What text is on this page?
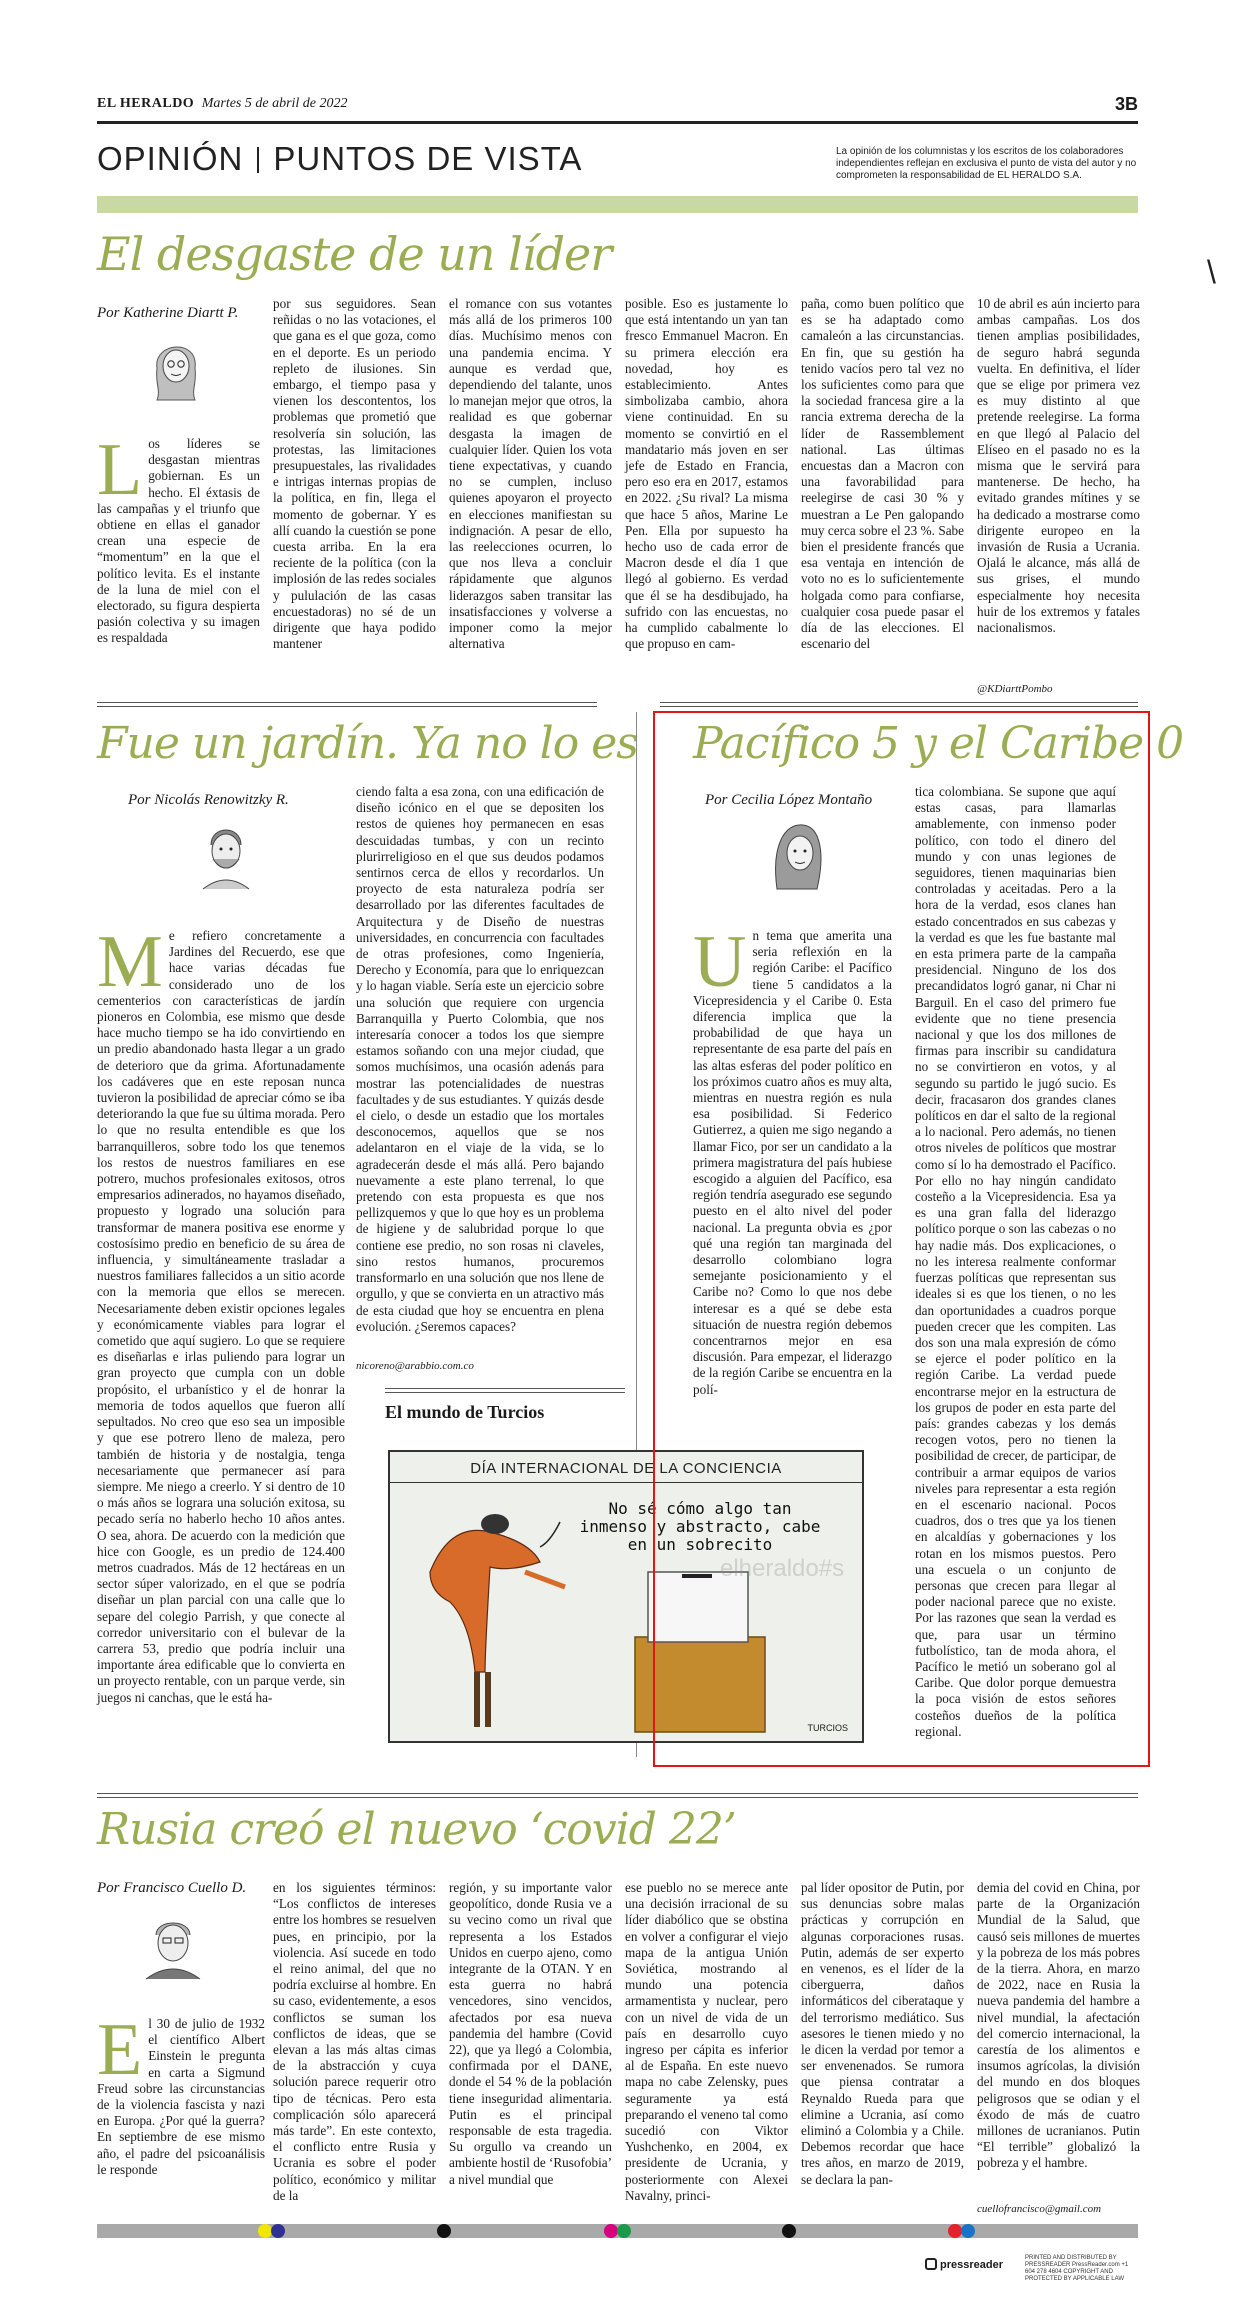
EL HERALDO Martes 5 de abril de 2022	3B
OPINIÓN PUNTOS DE VISTA	La opinión de los columnistas y los escritos de los colaboradores independientes reflejan en exclusiva el punto de vista del autor y no comprometen la responsabilidad de EL HERALDO S.A.
\
El desgaste de un líder
Por Katherine Diartt P.
Los líderes se desgastan mientras gobiernan. Es un hecho. El éxtasis de las campañas y el triunfo que obtiene en ellas el ganador crean una especie de “momentum” en la que el político levita. Es el instante de la luna de miel con el electorado, su figura despierta pasión colectiva y su imagen es respaldada
por sus seguidores. Sean reñidas o no las votaciones, el que gana es el que goza, como en el deporte. Es un periodo repleto de ilusiones. Sin embargo, el tiempo pasa y vienen los descontentos, los problemas que prometió que resolvería sin solución, las protestas, las limitaciones presupuestales, las rivalidades e intrigas internas propias de la política, en fin, llega el momento de gobernar. Y es allí cuando la cuestión se pone cuesta arriba. En la era reciente de la política (con la implosión de las redes sociales y pululación de las casas encuestadoras) no sé de un dirigente que haya podido mantener
el romance con sus votantes más allá de los primeros 100 días. Muchísimo menos con una pandemia encima. Y aunque es verdad que, dependiendo del talante, unos lo manejan mejor que otros, la realidad es que gobernar desgasta la imagen de cualquier líder. Quien los vota tiene expectativas, y cuando no se cumplen, incluso quienes apoyaron el proyecto en elecciones manifiestan su indignación. A pesar de ello, las reelecciones ocurren, lo que nos lleva a concluir rápidamente que algunos liderazgos saben transitar las insatisfacciones y volverse a imponer como la mejor alternativa
posible. Eso es justamente lo que está intentando un yan tan fresco Emmanuel Macron. En su primera elección era novedad, hoy es establecimiento. Antes simbolizaba cambio, ahora viene continuidad. En su momento se convirtió en el mandatario más joven en ser jefe de Estado en Francia, pero eso era en 2017, estamos en 2022. ¿Su rival? La misma que hace 5 años, Marine Le Pen. Ella por supuesto ha hecho uso de cada error de Macron desde el día 1 que llegó al gobierno. Es verdad que él se ha desdibujado, ha sufrido con las encuestas, no ha cumplido cabalmente lo que propuso en cam-
paña, como buen político que es se ha adaptado como camaleón a las circunstancias. En fin, que su gestión ha tenido vacíos pero tal vez no los suficientes como para que la sociedad francesa gire a la rancia extrema derecha de la líder de Rassemblement national. Las últimas encuestas dan a Macron con una favorabilidad para reelegirse de casi 30 % y muestran a Le Pen galopando muy cerca sobre el 23 %. Sabe bien el presidente francés que esa ventaja en intención de voto no es lo suficientemente holgada como para confiarse, cualquier cosa puede pasar el día de las elecciones. El escenario del
10 de abril es aún incierto para ambas campañas. Los dos tienen amplias posibilidades, de seguro habrá segunda vuelta. En definitiva, el líder que se elige por primera vez es muy distinto al que pretende reelegirse. La forma en que llegó al Palacio del Elíseo en el pasado no es la misma que le servirá para mantenerse. De hecho, ha evitado grandes mítines y se ha dedicado a mostrarse como dirigente europeo en la invasión de Rusia a Ucrania. Ojalá le alcance, más allá de sus grises, el mundo especialmente hoy necesita huir de los extremos y fatales nacionalismos.
@KDiarttPombo
Fue un jardín. Ya no lo es
Por Nicolás Renowitzky R.
Me refiero concretamente a Jardines del Recuerdo, ese que hace varias décadas fue considerado uno de los cementerios con características de jardín pioneros en Colombia, ese mismo que desde hace mucho tiempo se ha ido convirtiendo en un predio abandonado hasta llegar a un grado de deterioro que da grima. Afortunadamente los cadáveres que en este reposan nunca tuvieron la posibilidad de apreciar cómo se iba deteriorando la que fue su última morada. Pero lo que no resulta entendible es que los barranquilleros, sobre todo los que tenemos los restos de nuestros familiares en ese potrero, muchos profesionales exitosos, otros empresarios adinerados, no hayamos diseñado, propuesto y logrado una solución para transformar de manera positiva ese enorme y costosísimo predio en beneficio de su área de influencia, y simultáneamente trasladar a nuestros familiares fallecidos a un sitio acorde con la memoria que ellos se merecen. Necesariamente deben existir opciones legales y económicamente viables para lograr el cometido que aquí sugiero. Lo que se requiere es diseñarlas e irlas puliendo para lograr un gran proyecto que cumpla con un doble propósito, el urbanístico y el de honrar la memoria de todos aquellos que fueron allí sepultados. No creo que eso sea un imposible y que ese potrero lleno de maleza, pero también de historia y de nostalgia, tenga necesariamente que permanecer así para siempre. Me niego a creerlo. Y si dentro de 10 o más años se lograra una solución exitosa, su pecado sería no haberlo hecho 10 años antes. O sea, ahora. De acuerdo con la medición que hice con Google, es un predio de 124.400 metros cuadrados. Más de 12 hectáreas en un sector súper valorizado, en el que se podría diseñar un plan parcial con una calle que lo separe del colegio Parrish, y que conecte al corredor universitario con el bulevar de la carrera 53, predio que podría incluir una importante área edificable que lo convierta en un proyecto rentable, con un parque verde, sin juegos ni canchas, que le está ha-
ciendo falta a esa zona, con una edificación de diseño icónico en el que se depositen los restos de quienes hoy permanecen en esas descuidadas tumbas, y con un recinto plurirreligioso en el que sus deudos podamos sentirnos cerca de ellos y recordarlos. Un proyecto de esta naturaleza podría ser desarrollado por las diferentes facultades de Arquitectura y de Diseño de nuestras universidades, en concurrencia con facultades de otras profesiones, como Ingeniería, Derecho y Economía, para que lo enriquezcan y lo hagan viable. Sería este un ejercicio sobre una solución que requiere con urgencia Barranquilla y Puerto Colombia, que nos interesaría conocer a todos los que siempre estamos soñando con una mejor ciudad, que somos muchísimos, una ocasión adenás para mostrar las potencialidades de nuestras facultades y de sus estudiantes. Y quizás desde el cielo, o desde un estadio que los mortales desconocemos, aquellos que se nos adelantaron en el viaje de la vida, se lo agradecerán desde el más allá. Pero bajando nuevamente a este plano terrenal, lo que pretendo con esta propuesta es que nos pellizquemos y que lo que hoy es un problema de higiene y de salubridad porque lo que contiene ese predio, no son rosas ni claveles, sino restos humanos, procuremos transformarlo en una solución que nos llene de orgullo, y que se convierta en un atractivo más de esta ciudad que hoy se encuentra en plena evolución. ¿Seremos capaces?
nicoreno@arabbio.com.co
El mundo de Turcios
DÍA INTERNACIONAL DE LA CONCIENCIA
No sé cómo algo tan inmenso y abstracto, cabe en un sobrecito
TURCIOS
elheraldo#s
Pacífico 5 y el Caribe 0
Por Cecilia López Montaño
Un tema que amerita una seria reflexión en la región Caribe: el Pacífico tiene 5 candidatos a la Vicepresidencia y el Caribe 0. Esta diferencia implica que la probabilidad de que haya un representante de esa parte del país en las altas esferas del poder político en los próximos cuatro años es muy alta, mientras en nuestra región es nula esa posibilidad. Si Federico Gutierrez, a quien me sigo negando a llamar Fico, por ser un candidato a la primera magistratura del país hubiese escogido a alguien del Pacífico, esa región tendría asegurado ese segundo puesto en el alto nivel del poder nacional. La pregunta obvia es ¿por qué una región tan marginada del desarrollo colombiano logra semejante posicionamiento y el Caribe no? Como lo que nos debe interesar es a qué se debe esta situación de nuestra región debemos concentrarnos mejor en esa discusión. Para empezar, el liderazgo de la región Caribe se encuentra en la polí-
tica colombiana. Se supone que aquí estas casas, para llamarlas amablemente, con inmenso poder político, con todo el dinero del mundo y con unas legiones de seguidores, tienen maquinarias bien controladas y aceitadas. Pero a la hora de la verdad, esos clanes han estado concentrados en sus cabezas y la verdad es que les fue bastante mal en esta primera parte de la campaña presidencial. Ninguno de los dos precandidatos logró ganar, ni Char ni Barguil. En el caso del primero fue evidente que no tiene presencia nacional y que los dos millones de firmas para inscribir su candidatura no se convirtieron en votos, y al segundo su partido le jugó sucio. Es decir, fracasaron dos grandes clanes políticos en dar el salto de la regional a lo nacional. Pero además, no tienen otros niveles de políticos que mostrar como sí lo ha demostrado el Pacífico. Por ello no hay ningún candidato costeño a la Vicepresidencia. Esa ya es una gran falla del liderazgo político porque o son las cabezas o no hay nadie más. Dos explicaciones, o no les interesa realmente conformar fuerzas políticas que representan sus ideales si es que los tienen, o no les dan oportunidades a cuadros porque pueden crecer que les compiten. Las dos son una mala expresión de cómo se ejerce el poder político en la región Caribe. La verdad puede encontrarse mejor en la estructura de los grupos de poder en esta parte del país: grandes cabezas y los demás recogen votos, pero no tienen la posibilidad de crecer, de participar, de contribuir a armar equipos de varios niveles para representar a esta región en el escenario nacional. Pocos cuadros, dos o tres que ya los tienen en alcaldías y gobernaciones y los rotan en los mismos puestos. Pero una escuela o un conjunto de personas que crecen para llegar al poder nacional parece que no existe. Por las razones que sean la verdad es que, para usar un término futbolístico, tan de moda ahora, el Pacífico le metió un soberano gol al Caribe. Que dolor porque demuestra la poca visión de estos señores costeños dueños de la política regional.
Rusia creó el nuevo ‘covid 22’
Por Francisco Cuello D.
El 30 de julio de 1932 el científico Albert Einstein le pregunta en carta a Sigmund Freud sobre las circunstancias de la violencia fascista y nazi en Europa. ¿Por qué la guerra? En septiembre de ese mismo año, el padre del psicoanálisis le responde
en los siguientes términos: “Los conflictos de intereses entre los hombres se resuelven pues, en principio, por la violencia. Así sucede en todo el reino animal, del que no podría excluirse al hombre. En su caso, evidentemente, a esos conflictos se suman los conflictos de ideas, que se elevan a las más altas cimas de la abstracción y cuya solución parece requerir otro tipo de técnicas. Pero esta complicación sólo aparecerá más tarde”. En este contexto, el conflicto entre Rusia y Ucrania es sobre el poder político, económico y militar de la
región, y su importante valor geopolítico, donde Rusia ve a su vecino como un rival que representa a los Estados Unidos en cuerpo ajeno, como integrante de la OTAN. Y en esta guerra no habrá vencedores, sino vencidos, afectados por esa nueva pandemia del hambre (Covid 22), que ya llegó a Colombia, confirmada por el DANE, donde el 54 % de la población tiene inseguridad alimentaria. Putin es el principal responsable de esta tragedia. Su orgullo va creando un ambiente hostil de ‘Rusofobia’ a nivel mundial que
ese pueblo no se merece ante una decisión irracional de su líder diabólico que se obstina en volver a configurar el viejo mapa de la antigua Unión Soviética, mostrando al mundo una potencia armamentista y nuclear, pero con un nivel de vida de un país en desarrollo cuyo ingreso per cápita es inferior al de España. En este nuevo mapa no cabe Zelensky, pues seguramente ya está preparando el veneno tal como sucedió con Viktor Yushchenko, en 2004, ex presidente de Ucrania, y posteriormente con Alexei Navalny, princi-
pal líder opositor de Putin, por sus denuncias sobre malas prácticas y corrupción en algunas corporaciones rusas. Putin, además de ser experto en venenos, es el líder de la ciberguerra, daños informáticos del ciberataque y del terrorismo mediático. Sus asesores le tienen miedo y no le dicen la verdad por temor a ser envenenados. Se rumora que piensa contratar a Reynaldo Rueda para que elimine a Ucrania, así como eliminó a Colombia y a Chile. Debemos recordar que hace tres años, en marzo de 2019, se declara la pan-
demia del covid en China, por parte de la Organización Mundial de la Salud, que causó seis millones de muertes y la pobreza de los más pobres de la tierra. Ahora, en marzo de 2022, nace en Rusia la nueva pandemia del hambre a nivel mundial, la afectación del comercio internacional, la carestía de los alimentos e insumos agrícolas, la división del mundo en dos bloques peligrosos que se odian y el éxodo de más de cuatro millones de ucranianos. Putin “El terrible” globalizó la pobreza y el hambre.
cuellofrancisco@gmail.com
pressreader
PRINTED AND DISTRIBUTED BY PRESSREADER PressReader.com +1 604 278 4604 COPYRIGHT AND PROTECTED BY APPLICABLE LAW
